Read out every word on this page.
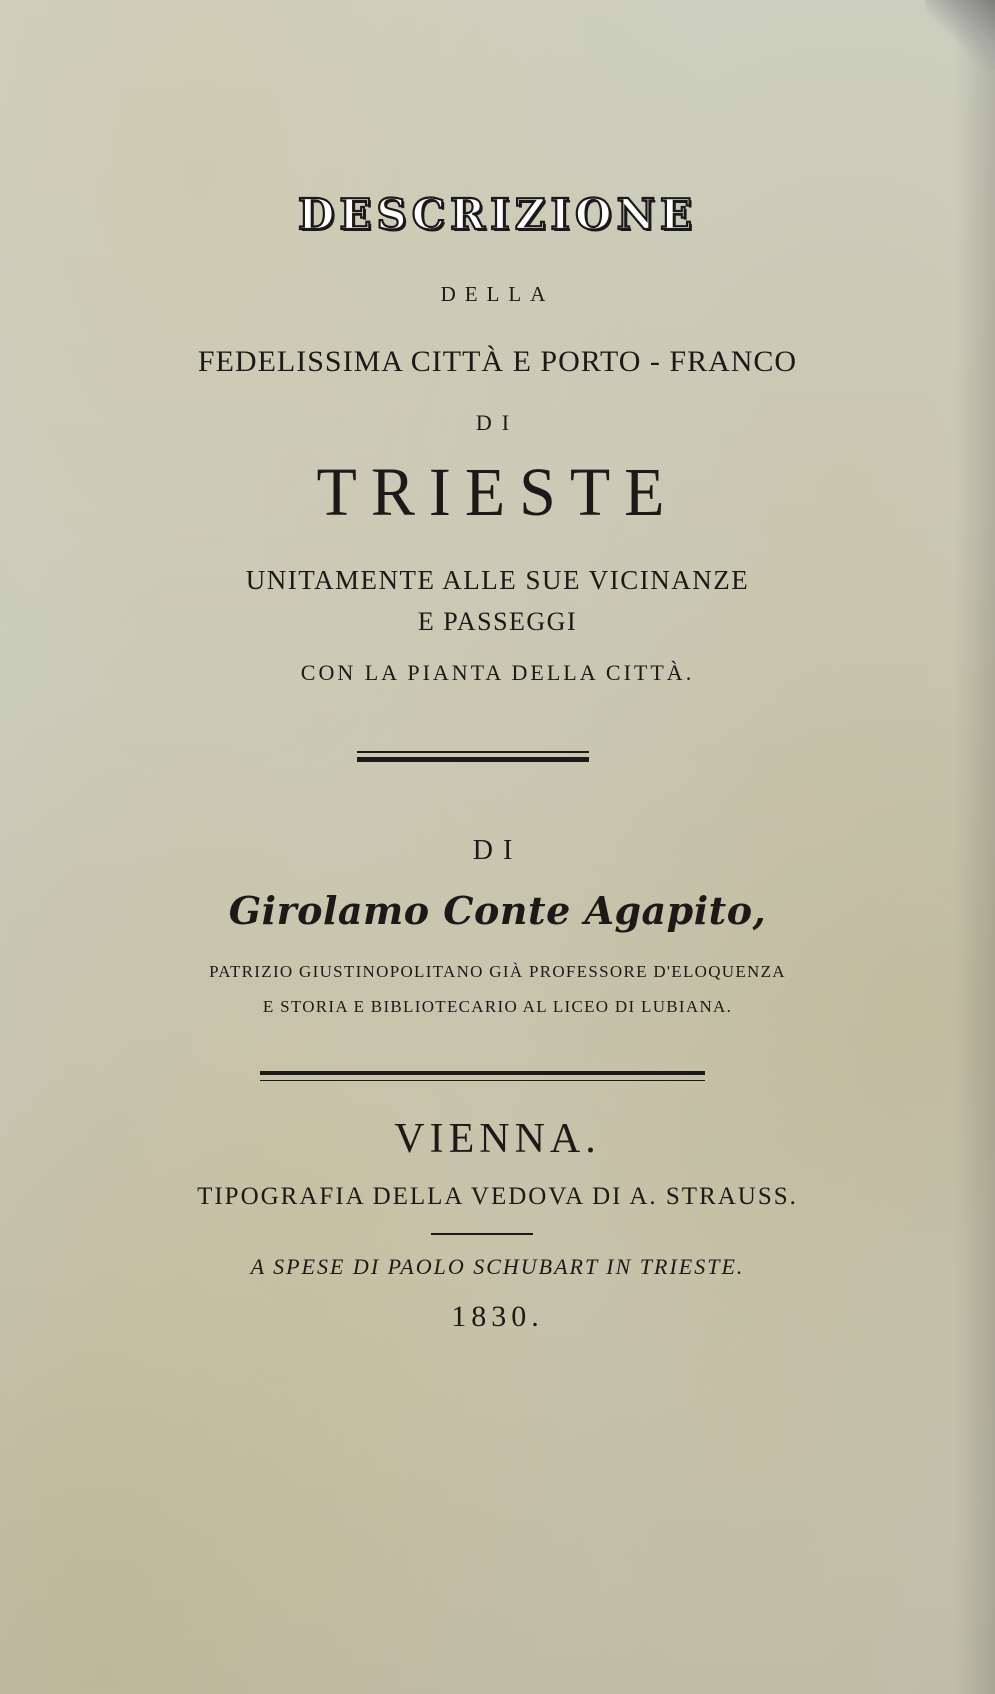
DESCRIZIONE
DELLA
FEDELISSIMA CITTÀ E PORTO - FRANCO
DI
TRIESTE
UNITAMENTE ALLE SUE VICINANZE
E PASSEGGI
CON LA PIANTA DELLA CITTÀ.
DI
Girolamo Conte Agapito,
PATRIZIO GIUSTINOPOLITANO GIÀ PROFESSORE D'ELOQUENZA
E STORIA E BIBLIOTECARIO AL LICEO DI LUBIANA.
VIENNA.
TIPOGRAFIA DELLA VEDOVA DI A. STRAUSS.
A SPESE DI PAOLO SCHUBART IN TRIESTE.
1830.
